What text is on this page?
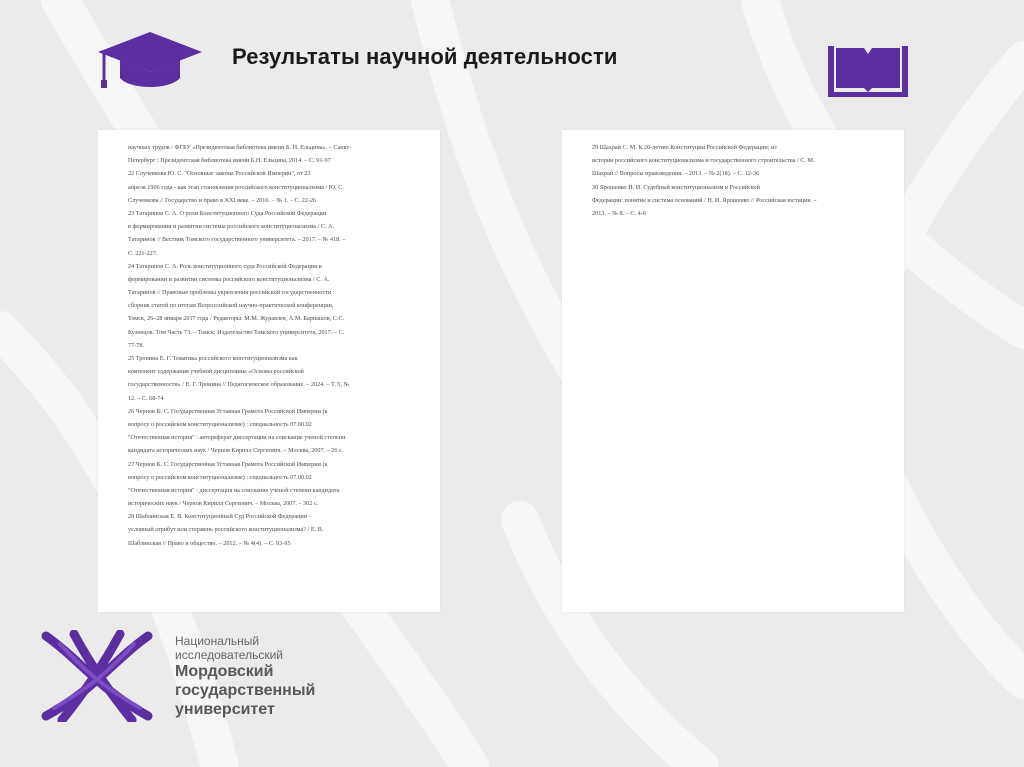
Результаты научной деятельности
научных трудов / ФГБУ «Президентская библиотека имени Б. Н. Ельцина». – Санкт-
Петербург : Президентская библиотека имени Б.Н. Ельцина, 2014. – С. 91-97
22 Случевкова Ю. С. "Основные законы Российской Империи", от 23
апреля 1906 года - как этап становления российского конституционализма / Ю. С.
Случевкова // Государство и право в XXI веке. – 2016. – № 1. – С. 22-26
23 Татаринов С. А. О роли Конституционного Суда Российской Федерации
в формировании и развитии системы российского конституционализма / С. А.
Татаринов // Вестник Томского государственного университета. – 2017. – № 418. –
С. 221-227.
24 Татаринов С. А. Роль конституционного суда Российской Федерации в
формировании и развитии системы российского конституционализма / С. А.
Татаринов // Правовые проблемы укрепления российской государственности :
сборник статей по итогам Всероссийской научно-практической конференции,
Томск, 26–28 января 2017 года / Редакторы: М.М. Журавлев, А.М. Барнашов, С.С.
Кузнецов. Том Часть 73. – Томск: Издательство Томского университета, 2017. – С.
77-78.
25 Тронина Е. Г. Тематика российского конституционализма как
компонент содержания учебной дисциплины «Основы российской
государственности» / Е. Г. Тронина // Педагогическое образование. – 2024. – Т. 5, №
12. – С. 68-74
26 Чернов К. С. Государственная Уставная Грамота Российской Империи (к
вопросу о российском конституционализме) : специальность 07.00.02
"Отечественная история" : автореферат диссертации на соискание ученой степени
кандидата исторических наук / Чернов Кирилл Сергеевич. – Москва, 2007. – 26 с.
27 Чернов К. С. Государственная Уставная Грамота Российской Империи (к
вопросу о российском конституционализме) : специальность 07.00.02
"Отечественная история" : диссертация на соискание ученой степени кандидата
исторических наук / Чернов Кирилл Сергеевич. – Москва, 2007. – 302 с.
28 Шаблинская Е. В. Конституционный Суд Российской Федерации -
условный атрибут или стержень российского конституционализма? / Е. В.
Шаблинская // Право и общество. – 2012. – № 4(4). – С. 93-95
29 Шахрай С. М. К 20-летию Конституции Российской Федерации: из
истории российского конституционализма и государственного строительства / С. М.
Шахрай // Вопросы правоведения. – 2013. – № 2(18). – С. 12-36
30 Ярошенко Н. И. Судебный конституционализм в Российской
Федерации: понятие и система оснований / Н. И. Ярошенко // Российская юстиция. –
2013. – № 8. – С. 4-6
Национальный
исследовательский
Мордовский
государственный
университет
